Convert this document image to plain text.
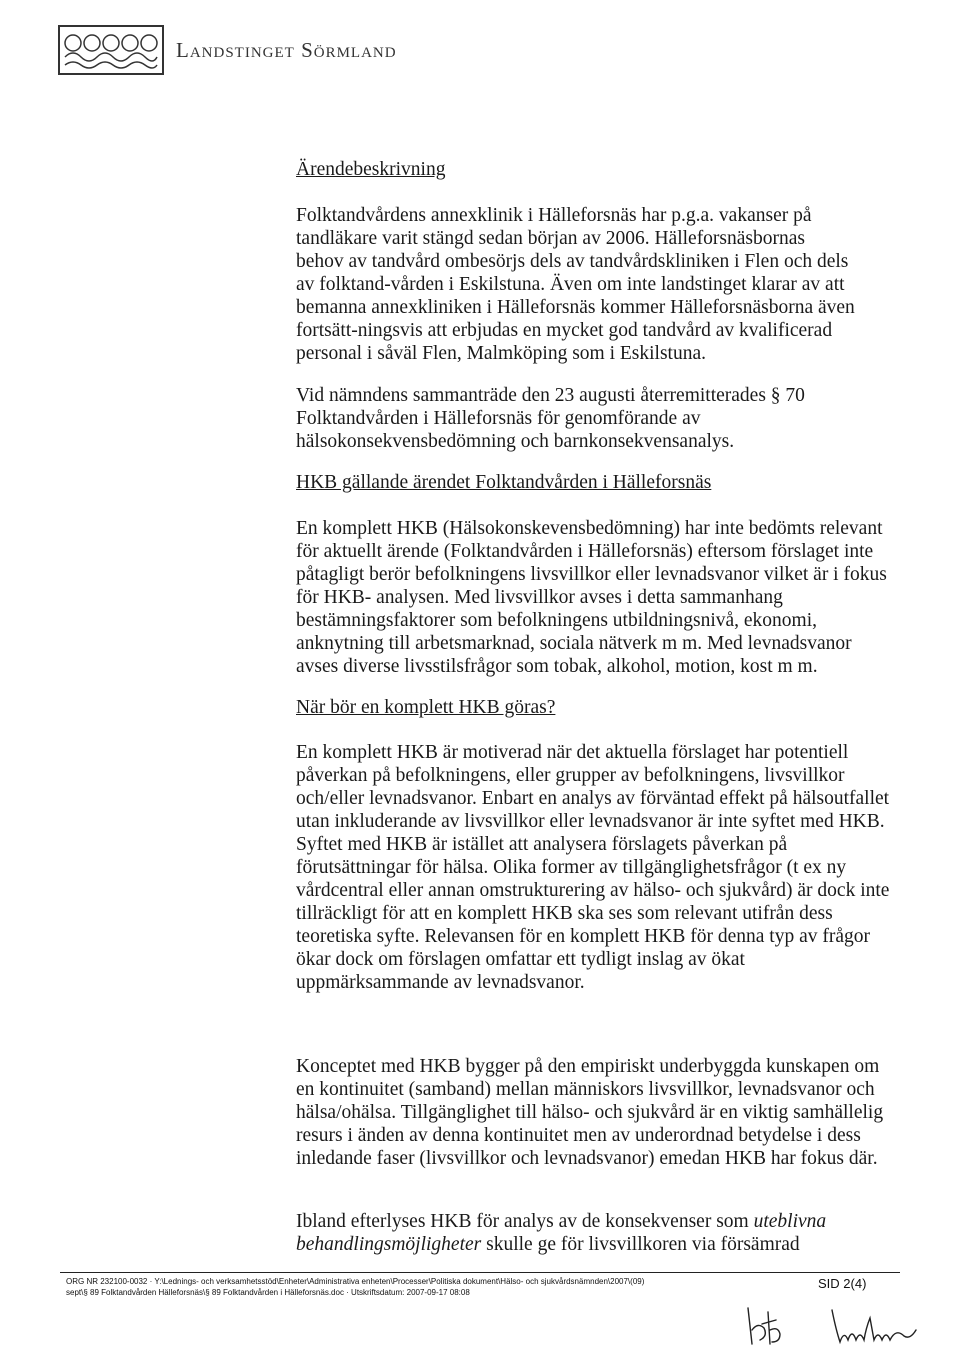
Landstinget Sörmland
Ärendebeskrivning

Folktandvårdens annexklinik i Hälleforsnäs har p.g.a. vakanser på tandläkare varit stängd sedan början av 2006. Hälleforsnäsbornas behov av tandvård ombesörjs dels av tandvårdskliniken i Flen och dels av folktand-vården i Eskilstuna. Även om inte landstinget klarar av att bemanna annexkliniken i Hälleforsnäs kommer Hälleforsnäsborna även fortsätt-ningsvis att erbjudas en mycket god tandvård av kvalificerad personal i såväl Flen, Malmköping som i Eskilstuna.

Vid nämndens sammanträde den 23 augusti återremitterades § 70 Folktandvården i Hälleforsnäs för genomförande av hälsokonsekvensbedömning och barnkonsekvensanalys.

HKB gällande ärendet Folktandvården i Hälleforsnäs

En komplett HKB (Hälsokonskevensbedömning) har inte bedömts relevant för aktuellt ärende (Folktandvården i Hälleforsnäs) eftersom förslaget inte påtagligt berör befolkningens livsvillkor eller levnadsvanor vilket är i fokus för HKB- analysen. Med livsvillkor avses i detta sammanhang bestämningsfaktorer som befolkningens utbildningsnivå, ekonomi, anknytning till arbetsmarknad, sociala nätverk m m. Med levnadsvanor avses diverse livsstilsfrågor som tobak, alkohol, motion, kost m m.

När bör en komplett HKB göras?

En komplett HKB är motiverad när det aktuella förslaget har potentiell påverkan på befolkningens, eller grupper av befolkningens, livsvillkor och/eller levnadsvanor. Enbart en analys av förväntad effekt på hälsoutfallet utan inkluderande av livsvillkor eller levnadsvanor är inte syftet med HKB. Syftet med HKB är istället att analysera förslagets påverkan på förutsättningar för hälsa. Olika former av tillgänglighetsfrågor (t ex ny vårdcentral eller annan omstrukturering av hälso- och sjukvård) är dock inte tillräckligt för att en komplett HKB ska ses som relevant utifrån dess teoretiska syfte. Relevansen för en komplett HKB för denna typ av frågor ökar dock om förslagen omfattar ett tydligt inslag av ökat uppmärksammande av levnadsvanor.

Konceptet med HKB bygger på den empiriskt underbyggda kunskapen om en kontinuitet (samband) mellan människors livsvillkor, levnadsvanor och hälsa/ohälsa. Tillgänglighet till hälso- och sjukvård är en viktig samhällelig resurs i änden av denna kontinuitet men av underordnad betydelse i dess inledande faser (livsvillkor och levnadsvanor) emedan HKB har fokus där.

Ibland efterlyses HKB för analys av de konsekvenser som uteblivna behandlingsmöjligheter skulle ge för livsvillkoren via försämrad

ORG NR 232100-0032 · Y:\Lednings- och verksamhetsstöd\Enheter\Administrativa enheten\Processer\Politiska dokument\Hälso- och sjukvårdsnämnden\2007\(09)
sept\§ 89 Folktandvården Hälleforsnäs\§ 89 Folktandvården i Hälleforsnäs.doc · Utskriftsdatum: 2007-09-17 08:08
SID 2(4)
